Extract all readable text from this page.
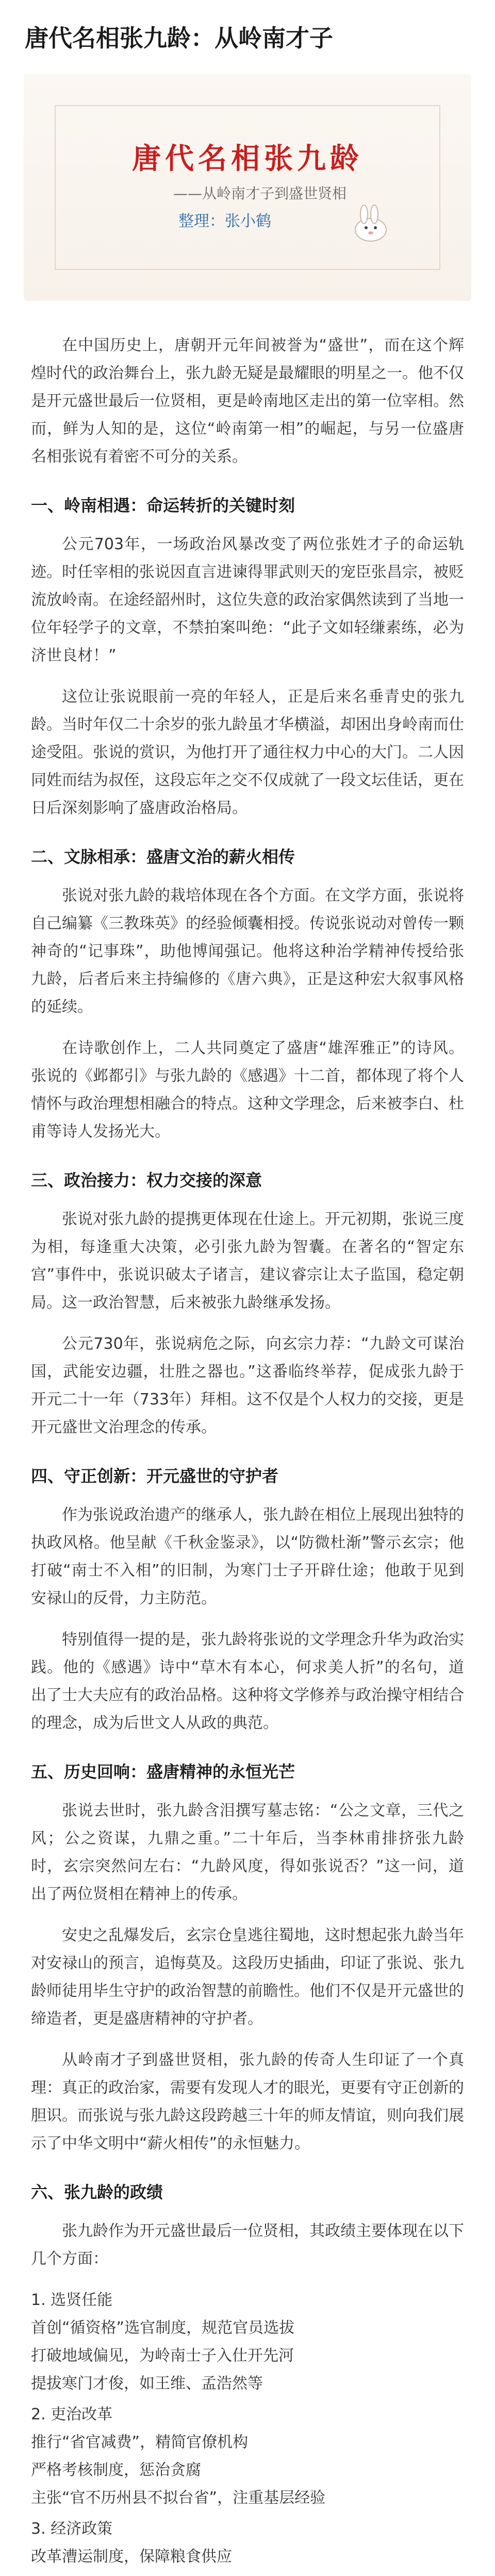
唐代名相张九龄：从岭南才子
唐代名相张九龄
——从岭南才子到盛世贤相
整理：张小鹤

在中国历史上，唐朝开元年间被誉为“盛世”，而在这个辉煌时代的政治舞台上，张九龄无疑是最耀眼的明星之一。他不仅是开元盛世最后一位贤相，更是岭南地区走出的第一位宰相。然而，鲜为人知的是，这位“岭南第一相”的崛起，与另一位盛唐名相张说有着密不可分的关系。

一、岭南相遇：命运转折的关键时刻

公元703年，一场政治风暴改变了两位张姓才子的命运轨迹。时任宰相的张说因直言进谏得罪武则天的宠臣张昌宗，被贬流放岭南。在途经韶州时，这位失意的政治家偶然读到了当地一位年轻学子的文章，不禁拍案叫绝：“此子文如轻缣素练，必为济世良材！”

这位让张说眼前一亮的年轻人，正是后来名垂青史的张九龄。当时年仅二十余岁的张九龄虽才华横溢，却困出身岭南而仕途受阻。张说的赏识，为他打开了通往权力中心的大门。二人因同姓而结为叔侄，这段忘年之交不仅成就了一段文坛佳话，更在日后深刻影响了盛唐政治格局。

二、文脉相承：盛唐文治的薪火相传

张说对张九龄的栽培体现在各个方面。在文学方面，张说将自己编纂《三教珠英》的经验倾囊相授。传说张说动对曾传一颗神奇的“记事珠”，助他博闻强记。他将这种治学精神传授给张九龄，后者后来主持编修的《唐六典》，正是这种宏大叙事风格的延续。

在诗歌创作上，二人共同奠定了盛唐“雄浑雅正”的诗风。张说的《邺都引》与张九龄的《感遇》十二首，都体现了将个人情怀与政治理想相融合的特点。这种文学理念，后来被李白、杜甫等诗人发扬光大。

三、政治接力：权力交接的深意

张说对张九龄的提携更体现在仕途上。开元初期，张说三度为相，每逢重大决策，必引张九龄为智囊。在著名的“智定东宫”事件中，张说识破太子诸言，建议睿宗让太子监国，稳定朝局。这一政治智慧，后来被张九龄继承发扬。

公元730年，张说病危之际，向玄宗力荐：“九龄文可谋治国，武能安边疆，壮胜之器也。”这番临终举荐，促成张九龄于开元二十一年（733年）拜相。这不仅是个人权力的交接，更是开元盛世文治理念的传承。

四、守正创新：开元盛世的守护者

作为张说政治遗产的继承人，张九龄在相位上展现出独特的执政风格。他呈献《千秋金鉴录》，以“防微杜渐”警示玄宗；他打破“南士不入相”的旧制，为寒门士子开辟仕途；他敢于见到安禄山的反骨，力主防范。

特别值得一提的是，张九龄将张说的文学理念升华为政治实践。他的《感遇》诗中“草木有本心，何求美人折”的名句，道出了士大夫应有的政治品格。这种将文学修养与政治操守相结合的理念，成为后世文人从政的典范。

五、历史回响：盛唐精神的永恒光芒

张说去世时，张九龄含泪撰写墓志铭：“公之文章，三代之风；公之资谋，九鼎之重。”二十年后，当李林甫排挤张九龄时，玄宗突然问左右：“九龄风度，得如张说否？”这一问，道出了两位贤相在精神上的传承。

安史之乱爆发后，玄宗仓皇逃往蜀地，这时想起张九龄当年对安禄山的预言，追悔莫及。这段历史插曲，印证了张说、张九龄师徒用毕生守护的政治智慧的前瞻性。他们不仅是开元盛世的缔造者，更是盛唐精神的守护者。

从岭南才子到盛世贤相，张九龄的传奇人生印证了一个真理：真正的政治家，需要有发现人才的眼光，更要有守正创新的胆识。而张说与张九龄这段跨越三十年的师友情谊，则向我们展示了中华文明中“薪火相传”的永恒魅力。

六、张九龄的政绩

张九龄作为开元盛世最后一位贤相，其政绩主要体现在以下几个方面：

1. 选贤任能
首创“循资格”选官制度，规范官员选拔
打破地域偏见，为岭南士子入仕开先河
提拔寒门才俊，如王维、孟浩然等
2. 吏治改革
推行“省官减费”，精简官僚机构
严格考核制度，惩治贪腐
主张“官不历州县不拟台省”，注重基层经验
3. 经济政策
改革漕运制度，保障粮食供应
